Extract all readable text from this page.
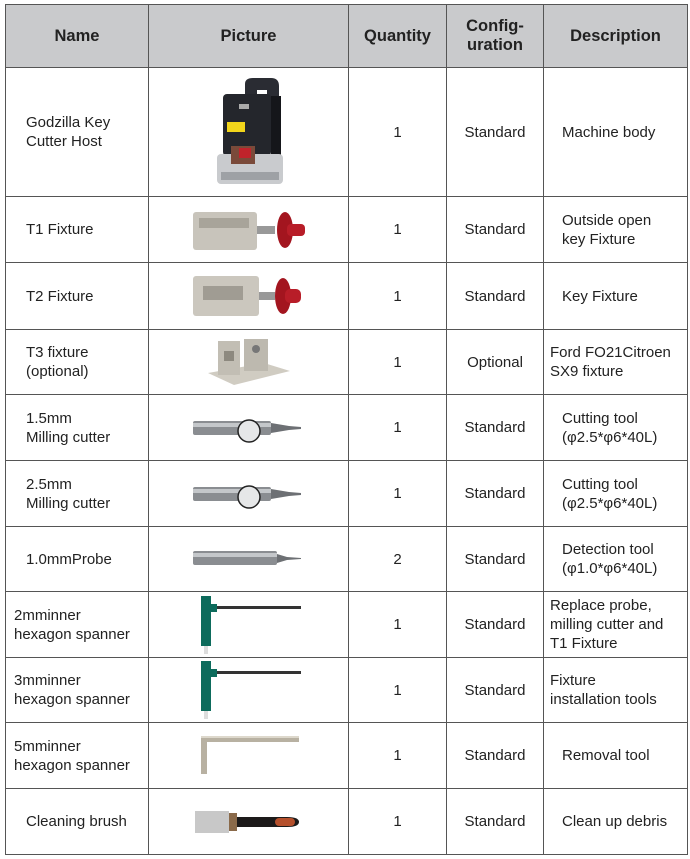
Name	Picture	Quantity	Config-
uration	Description

Godzilla Key
Cutter Host		1	Standard	Machine body

T1 Fixture		1	Standard	Outside open
key Fixture

T2 Fixture		1	Standard	Key Fixture

T3 fixture
(optional)		1	Optional	Ford FO21Citroen
SX9 fixture

1.5mm
Milling cutter		1	Standard	Cutting tool
(φ2.5*φ6*40L)

2.5mm
Milling cutter		1	Standard	Cutting tool
(φ2.5*φ6*40L)

1.0mmProbe		2	Standard	Detection tool
(φ1.0*φ6*40L)

2mminner
hexagon spanner		1	Standard	Replace probe,
milling cutter and
T1 Fixture

3mminner
hexagon spanner		1	Standard	Fixture
installation tools

5mminner
hexagon spanner		1	Standard	Removal tool

Cleaning brush		1	Standard	Clean up debris
